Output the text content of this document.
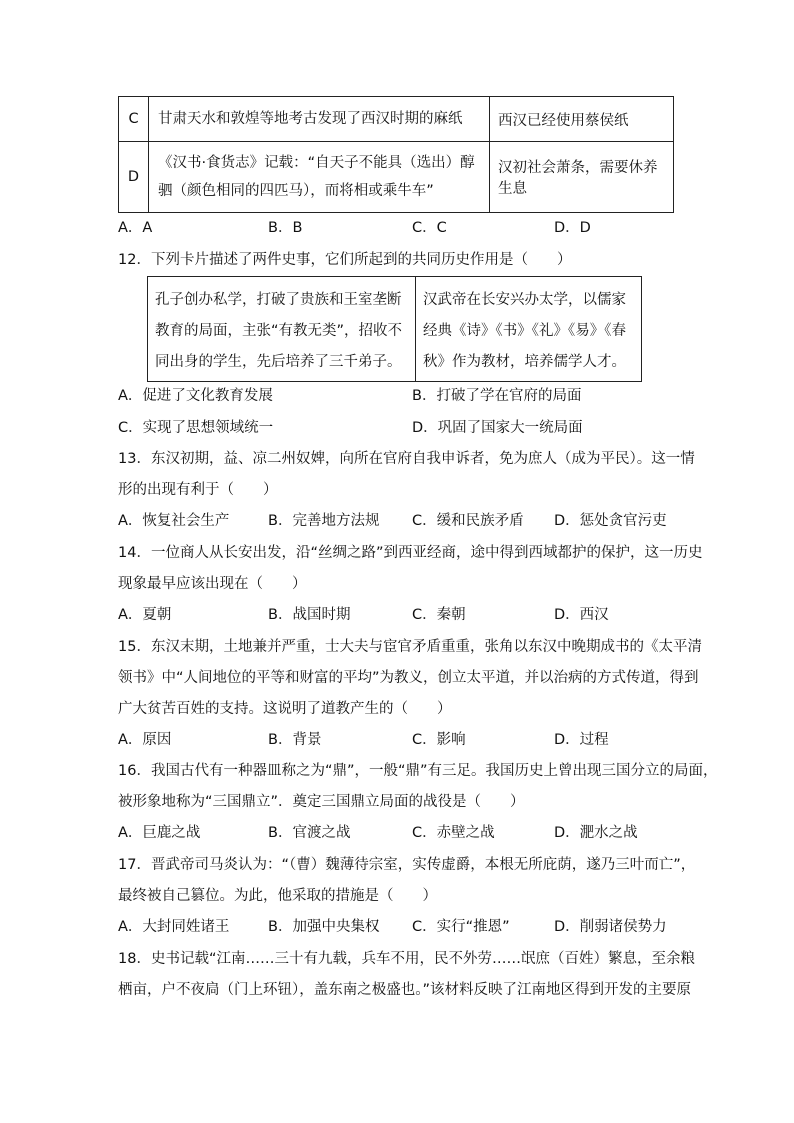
C	甘肃天水和敦煌等地考古发现了西汉时期的麻纸	西汉已经使用蔡侯纸
D	《汉书·食货志》记载：“自天子不能具（选出）醇驷（颜色相同的四匹马），而将相或乘牛车”	汉初社会萧条，需要休养生息
A．A	B．B	C．C	D．D
12．下列卡片描述了两件史事，它们所起到的共同历史作用是（　　）
孔子创办私学，打破了贵族和王室垄断教育的局面，主张“有教无类”，招收不同出身的学生，先后培养了三千弟子。	汉武帝在长安兴办太学，以儒家经典《诗》《书》《礼》《易》《春秋》作为教材，培养儒学人才。
A．促进了文化教育发展	B．打破了学在官府的局面
C．实现了思想领域统一	D．巩固了国家大一统局面
13．东汉初期，益、凉二州奴婢，向所在官府自我申诉者，免为庶人（成为平民）。这一情
形的出现有利于（　　）
A．恢复社会生产	B．完善地方法规 C．缓和民族矛盾 D．惩处贪官污吏
14．一位商人从长安出发，沿“丝绸之路”到西亚经商，途中得到西域都护的保护，这一历史
现象最早应该出现在（　　）
A．夏朝	B．战国时期	C．秦朝	D．西汉
15．东汉末期，土地兼并严重，士大夫与宦官矛盾重重，张角以东汉中晚期成书的《太平清
领书》中“人间地位的平等和财富的平均”为教义，创立太平道，并以治病的方式传道，得到
广大贫苦百姓的支持。这说明了道教产生的（　　）
A．原因	B．背景	C．影响	D．过程
16．我国古代有一种器皿称之为“鼎”，一般“鼎”有三足。我国历史上曾出现三国分立的局面，
被形象地称为“三国鼎立”．奠定三国鼎立局面的战役是（　　）
A．巨鹿之战	B．官渡之战	C．赤壁之战	D．淝水之战
17．晋武帝司马炎认为：“（曹）魏薄待宗室，实传虚爵，本根无所庇荫，遂乃三叶而亡”，
最终被自己篡位。为此，他采取的措施是（　　）
A．大封同姓诸王	B．加强中央集权 C．实行“推恩”	D．削弱诸侯势力
18．史书记载“江南……三十有九载，兵车不用，民不外劳……氓庶（百姓）繁息，至余粮
栖亩，户不夜扃（门上环钮），盖东南之极盛也。”该材料反映了江南地区得到开发的主要原
